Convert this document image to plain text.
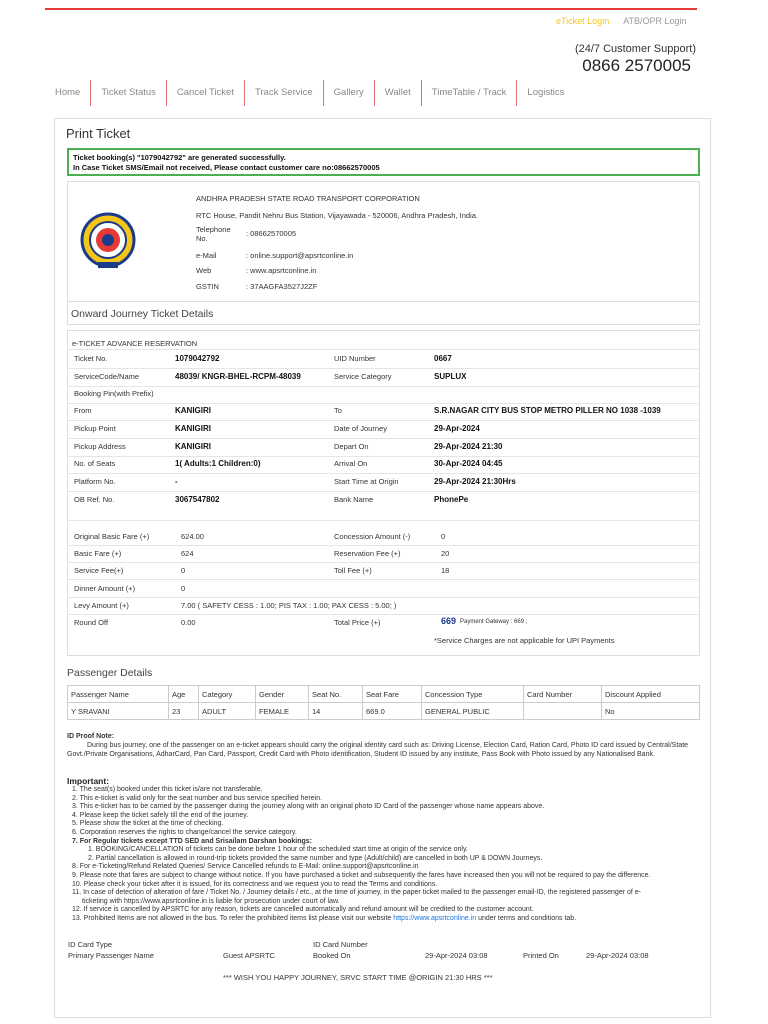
eTicket Login ATB/OPR Login
(24/7 Customer Support)
0866 2570005
Home	Ticket Status	Cancel Ticket	Track Service	Gallery	Wallet	TimeTable / Track	Logistics
Print Ticket
Ticket booking(s) "1079042792" are generated successfully.
In Case Ticket SMS/Email not received, Please contact customer care no:08662570005
ANDHRA PRADESH STATE ROAD TRANSPORT CORPORATION
RTC House, Pandit Nehru Bus Station, Vijayawada - 520006, Andhra Pradesh, India.
Telephone No.
: 08662570005
e-Mail	: online.support@apsrtconline.in
Web	: www.apsrtconline.in
GSTIN	: 37AAGFA3527J2ZF
Onward Journey Ticket Details
e-TICKET ADVANCE RESERVATION
Ticket No.	1079042792	UID Number	0667
ServiceCode/Name	48039/ KNGR-BHEL-RCPM-48039	Service Category	SUPLUX
Booking Pin(with Prefix)
From	KANIGIRI	To	S.R.NAGAR CITY BUS STOP METRO PILLER NO 1038 -1039
Pickup Point	KANIGIRI	Date of Journey	29-Apr-2024
Pickup Address	KANIGIRI	Depart On	29-Apr-2024 21:30
No. of Seats	1( Adults:1 Children:0)	Arrival On	30-Apr-2024 04:45
Platform No.	-	Start Time at Origin	29-Apr-2024 21:30Hrs
OB Ref. No.	3067547802	Bank Name	PhonePe
Original Basic Fare (+)	624.00	Concession Amount (-)	0
Basic Fare (+)	624	Reservation Fee (+)	20
Service Fee(+)	0	Toll Fee (+)	18
Dinner Amount (+)	0
Levy Amount (+)	7.00 ( SAFETY CESS : 1.00; PIS TAX : 1.00; PAX CESS : 5.00; )
Round Off	0.00	Total Price (+)	669 Payment Gateway : 669 ;
*Service Charges are not applicable for UPI Payments
Passenger Details
Passenger Name	Age	Category	Gender	Seat No.	Seat Fare	Concession Type	Card Number	Discount Applied
Y SRAVANI	23	ADULT	FEMALE	14	669.0	GENERAL PUBLIC		No
ID Proof Note:
During bus journey, one of the passenger on an e-ticket appears should carry the original identity card such as: Driving License, Election Card, Ration Card, Photo ID card issued by Central/State Govt./Private Organisations, AdharCard, Pan Card, Passport, Credit Card with Photo identification, Student ID issued by any institute, Pass Book with Photo issued by any Nationalised Bank.
Important:
1. The seat(s) booked under this ticket is/are not transferable.
2. This e-ticket is valid only for the seat number and bus service specified herein.
3. This e-ticket has to be carried by the passenger during the journey along with an original photo ID Card of the passenger whose name appears above.
4. Please keep the ticket safely till the end of the journey.
5. Please show the ticket at the time of checking.
6. Corporation reserves the rights to change/cancel the service category.
7. For Regular tickets except TTD SED and Srisailam Darshan bookings:
1. BOOKING/CANCELLATION of tickets can be done before 1 hour of the scheduled start time at origin of the service only.
2. Partial cancellation is allowed in round-trip tickets provided the same number and type (Adult/child) are cancelled in both UP & DOWN Journeys.
8. For e-Ticketing/Refund Related Queries/ Service Cancelled refunds to E-Mail: online.support@apsrtconline.in
9. Please note that fares are subject to change without notice. If you have purchased a ticket and subsequently the fares have increased then you will not be required to pay the difference.
10. Please check your ticket after it is issued, for its correctness and we request you to read the Terms and conditions.
11. In case of detection of alteration of fare / Ticket No. / Journey details / etc., at the time of journey, in the paper ticket mailed to the passenger email-ID, the registered passenger of e-
ticketing with https://www.apsrtconline.in is liable for prosecution under court of law.
12. If service is cancelled by APSRTC for any reason, tickets are cancelled automatically and refund amount will be credited to the customer account.
13. Prohibited Items are not allowed in the bus. To refer the prohibited items list please visit our website https://www.apsrtconline.in under terms and conditions tab.
ID Card Type	ID Card Number
Primary Passenger Name	Guest APSRTC	Booked On	29-Apr-2024 03:08	Printed On	29-Apr-2024 03:08
*** WISH YOU HAPPY JOURNEY, SRVC START TIME @ORIGIN 21:30 HRS ***
